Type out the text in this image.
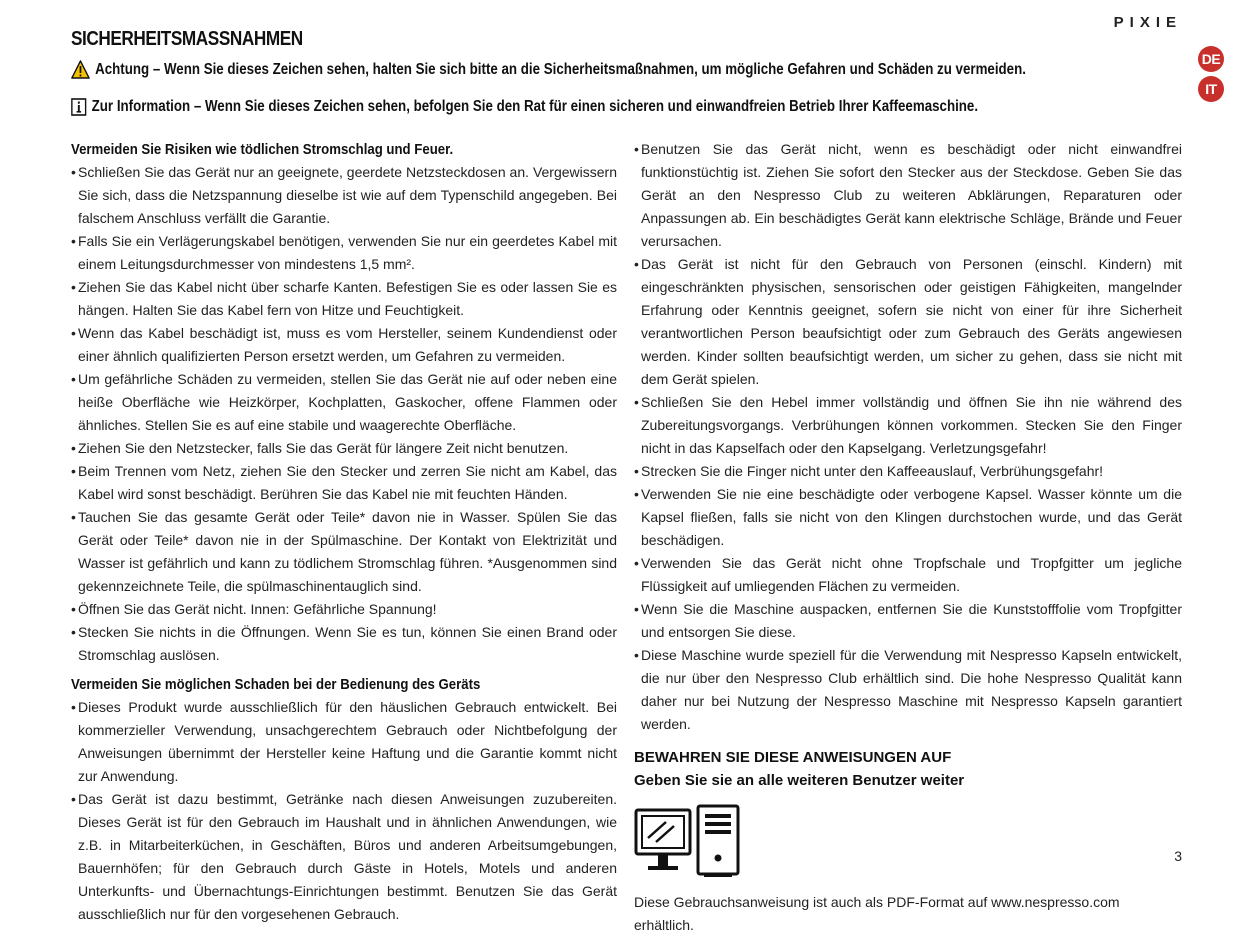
PIXIE
DE
IT
SICHERHEITSMASSNAHMEN
Achtung – Wenn Sie dieses Zeichen sehen, halten Sie sich bitte an die Sicherheitsmaßnahmen, um mögliche Gefahren und Schäden zu vermeiden.
Zur Information – Wenn Sie dieses Zeichen sehen, befolgen Sie den Rat für einen sicheren und einwandfreien Betrieb Ihrer Kaffeemaschine.
Vermeiden Sie Risiken wie tödlichen Stromschlag und Feuer.
• Schließen Sie das Gerät nur an geeignete, geerdete Netzsteckdosen an. Vergewissern Sie sich, dass die Netzspannung dieselbe ist wie auf dem Typenschild angegeben. Bei falschem Anschluss verfällt die Garantie.
• Falls Sie ein Verlägerungskabel benötigen, verwenden Sie nur ein geerdetes Kabel mit einem Leitungsdurchmesser von mindestens 1,5 mm².
• Ziehen Sie das Kabel nicht über scharfe Kanten. Befestigen Sie es oder lassen Sie es hängen. Halten Sie das Kabel fern von Hitze und Feuchtigkeit.
• Wenn das Kabel beschädigt ist, muss es vom Hersteller, seinem Kundendienst oder einer ähnlich qualifizierten Person ersetzt werden, um Gefahren zu vermeiden.
• Um gefährliche Schäden zu vermeiden, stellen Sie das Gerät nie auf oder neben eine heiße Oberfläche wie Heizkörper, Kochplatten, Gaskocher, offene Flammen oder ähnliches. Stellen Sie es auf eine stabile und waagerechte Oberfläche.
• Ziehen Sie den Netzstecker, falls Sie das Gerät für längere Zeit nicht benutzen.
• Beim Trennen vom Netz, ziehen Sie den Stecker und zerren Sie nicht am Kabel, das Kabel wird sonst beschädigt. Berühren Sie das Kabel nie mit feuchten Händen.
• Tauchen Sie das gesamte Gerät oder Teile* davon nie in Wasser. Spülen Sie das Gerät oder Teile* davon nie in der Spülmaschine. Der Kontakt von Elektrizität und Wasser ist gefährlich und kann zu tödlichem Stromschlag führen. *Ausgenommen sind gekennzeichnete Teile, die spülmaschinentauglich sind.
• Öffnen Sie das Gerät nicht. Innen: Gefährliche Spannung!
• Stecken Sie nichts in die Öffnungen. Wenn Sie es tun, können Sie einen Brand oder Stromschlag auslösen.
Vermeiden Sie möglichen Schaden bei der Bedienung des Geräts
• Dieses Produkt wurde ausschließlich für den häuslichen Gebrauch entwickelt. Bei kommerzieller Verwendung, unsachgerechtem Gebrauch oder Nichtbefolgung der Anweisungen übernimmt der Hersteller keine Haftung und die Garantie kommt nicht zur Anwendung.
• Das Gerät ist dazu bestimmt, Getränke nach diesen Anweisungen zuzubereiten. Dieses Gerät ist für den Gebrauch im Haushalt und in ähnlichen Anwendungen, wie z.B. in Mitarbeiterküchen, in Geschäften, Büros und anderen Arbeitsumgebungen, Bauernhöfen; für den Gebrauch durch Gäste in Hotels, Motels und anderen Unterkunfts- und Übernachtungs-Einrichtungen bestimmt. Benutzen Sie das Gerät ausschließlich nur für den vorgesehenen Gebrauch.
• Benutzen Sie das Gerät nicht, wenn es beschädigt oder nicht einwandfrei funktionstüchtig ist. Ziehen Sie sofort den Stecker aus der Steckdose. Geben Sie das Gerät an den Nespresso Club zu weiteren Abklärungen, Reparaturen oder Anpassungen ab. Ein beschädigtes Gerät kann elektrische Schläge, Brände und Feuer verursachen.
• Das Gerät ist nicht für den Gebrauch von Personen (einschl. Kindern) mit eingeschränkten physischen, sensorischen oder geistigen Fähigkeiten, mangelnder Erfahrung oder Kenntnis geeignet, sofern sie nicht von einer für ihre Sicherheit verantwortlichen Person beaufsichtigt oder zum Gebrauch des Geräts angewiesen werden. Kinder sollten beaufsichtigt werden, um sicher zu gehen, dass sie nicht mit dem Gerät spielen.
• Schließen Sie den Hebel immer vollständig und öffnen Sie ihn nie während des Zubereitungsvorgangs. Verbrühungen können vorkommen. Stecken Sie den Finger nicht in das Kapselfach oder den Kapselgang. Verletzungsgefahr!
• Strecken Sie die Finger nicht unter den Kaffeeauslauf, Verbrühungsgefahr!
• Verwenden Sie nie eine beschädigte oder verbogene Kapsel. Wasser könnte um die Kapsel fließen, falls sie nicht von den Klingen durchstochen wurde, und das Gerät beschädigen.
• Verwenden Sie das Gerät nicht ohne Tropfschale und Tropfgitter um jegliche Flüssigkeit auf umliegenden Flächen zu vermeiden.
• Wenn Sie die Maschine auspacken, entfernen Sie die Kunststofffolie vom Tropfgitter und entsorgen Sie diese.
• Diese Maschine wurde speziell für die Verwendung mit Nespresso Kapseln entwickelt, die nur über den Nespresso Club erhältlich sind. Die hohe Nespresso Qualität kann daher nur bei Nutzung der Nespresso Maschine mit Nespresso Kapseln garantiert werden.
BEWAHREN SIE DIESE ANWEISUNGEN AUF
Geben Sie sie an alle weiteren Benutzer weiter
Diese Gebrauchsanweisung ist auch als PDF-Format auf www.nespresso.com erhältlich.
3
